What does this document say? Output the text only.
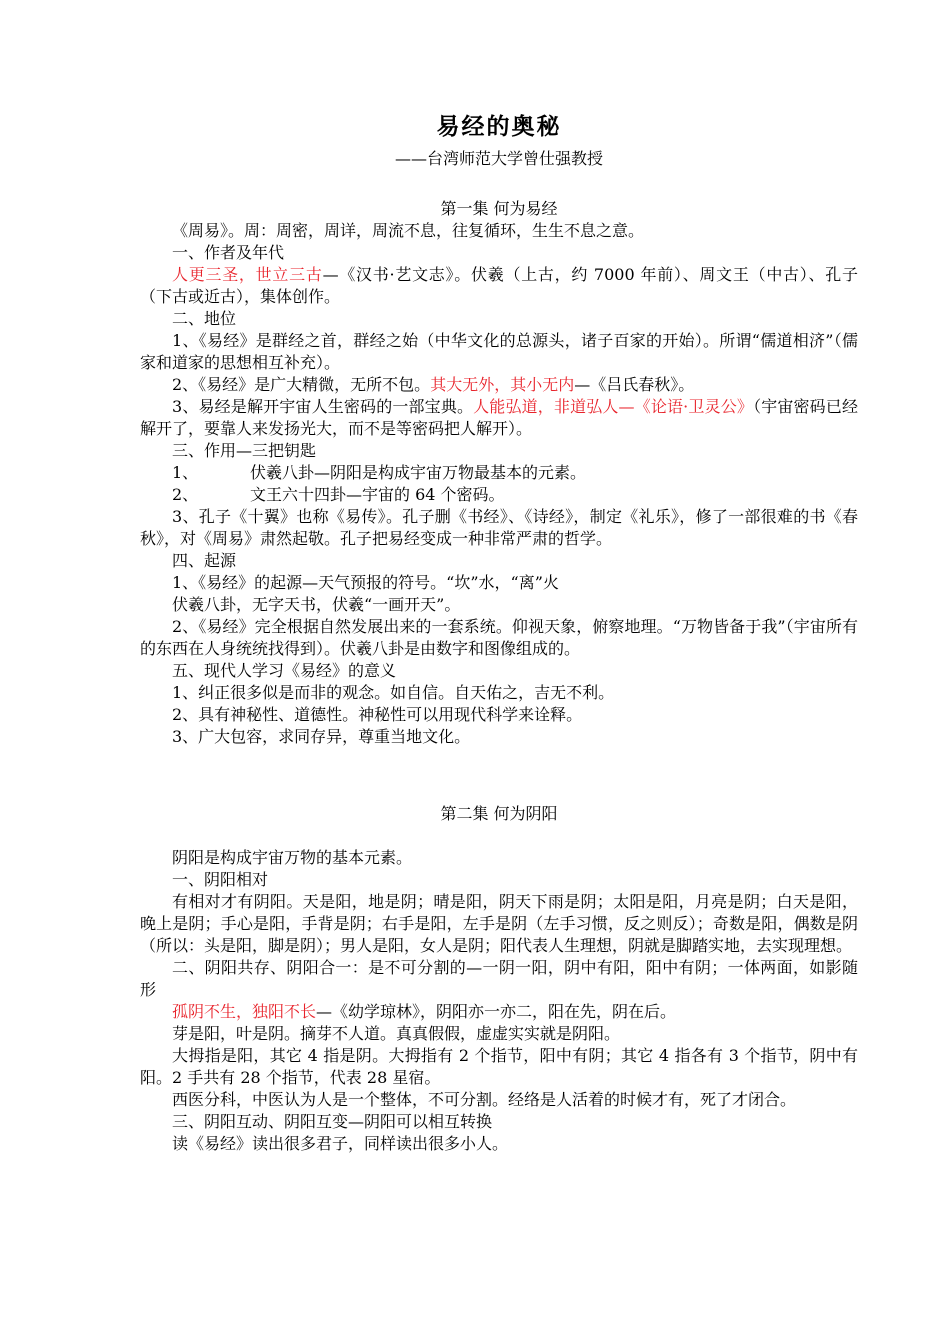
易经的奥秘
——台湾师范大学曾仕强教授
第一集 何为易经

《周易》。周：周密，周详，周流不息，往复循环，生生不息之意。

一、作者及年代

人更三圣，世立三古—《汉书·艺文志》。伏羲（上古，约 7000 年前）、周文王（中古）、孔子（下古或近古），集体创作。

二、地位

1、《易经》是群经之首，群经之始（中华文化的总源头，诸子百家的开始）。所谓“儒道相济”（儒家和道家的思想相互补充）。

2、《易经》是广大精微，无所不包。其大无外，其小无内—《吕氏春秋》。

3、易经是解开宇宙人生密码的一部宝典。人能弘道，非道弘人—《论语·卫灵公》（宇宙密码已经解开了，要靠人来发扬光大，而不是等密码把人解开）。

三、作用—三把钥匙

1、	伏羲八卦—阴阳是构成宇宙万物最基本的元素。

2、	文王六十四卦—宇宙的 64 个密码。

3、孔子《十翼》也称《易传》。孔子删《书经》、《诗经》，制定《礼乐》，修了一部很难的书《春秋》，对《周易》肃然起敬。孔子把易经变成一种非常严肃的哲学。

四、起源

1、《易经》的起源—天气预报的符号。“坎”水，“离”火

伏羲八卦，无字天书，伏羲“一画开天”。

2、《易经》完全根据自然发展出来的一套系统。仰视天象，俯察地理。“万物皆备于我”（宇宙所有的东西在人身统统找得到）。伏羲八卦是由数字和图像组成的。

五、现代人学习《易经》的意义

1、纠正很多似是而非的观念。如自信。自天佑之，吉无不利。

2、具有神秘性、道德性。神秘性可以用现代科学来诠释。

3、广大包容，求同存异，尊重当地文化。

第二集 何为阴阳

阴阳是构成宇宙万物的基本元素。

一、阴阳相对

有相对才有阴阳。天是阳，地是阴；晴是阳，阴天下雨是阴；太阳是阳，月亮是阴；白天是阳，晚上是阴；手心是阳，手背是阴；右手是阳，左手是阴（左手习惯，反之则反）；奇数是阳，偶数是阴（所以：头是阳，脚是阴）；男人是阳，女人是阴；阳代表人生理想，阴就是脚踏实地，去实现理想。

二、阴阳共存、阴阳合一：是不可分割的—一阴一阳，阴中有阳，阳中有阴；一体两面，如影随形

孤阴不生，独阳不长—《幼学琼林》，阴阳亦一亦二，阳在先，阴在后。

芽是阳，叶是阴。摘芽不人道。真真假假，虚虚实实就是阴阳。

大拇指是阳，其它 4 指是阴。大拇指有 2 个指节，阳中有阴；其它 4 指各有 3 个指节，阴中有阳。2 手共有 28 个指节，代表 28 星宿。

西医分科，中医认为人是一个整体，不可分割。经络是人活着的时候才有，死了才闭合。

三、阴阳互动、阴阳互变—阴阳可以相互转换

读《易经》读出很多君子，同样读出很多小人。
